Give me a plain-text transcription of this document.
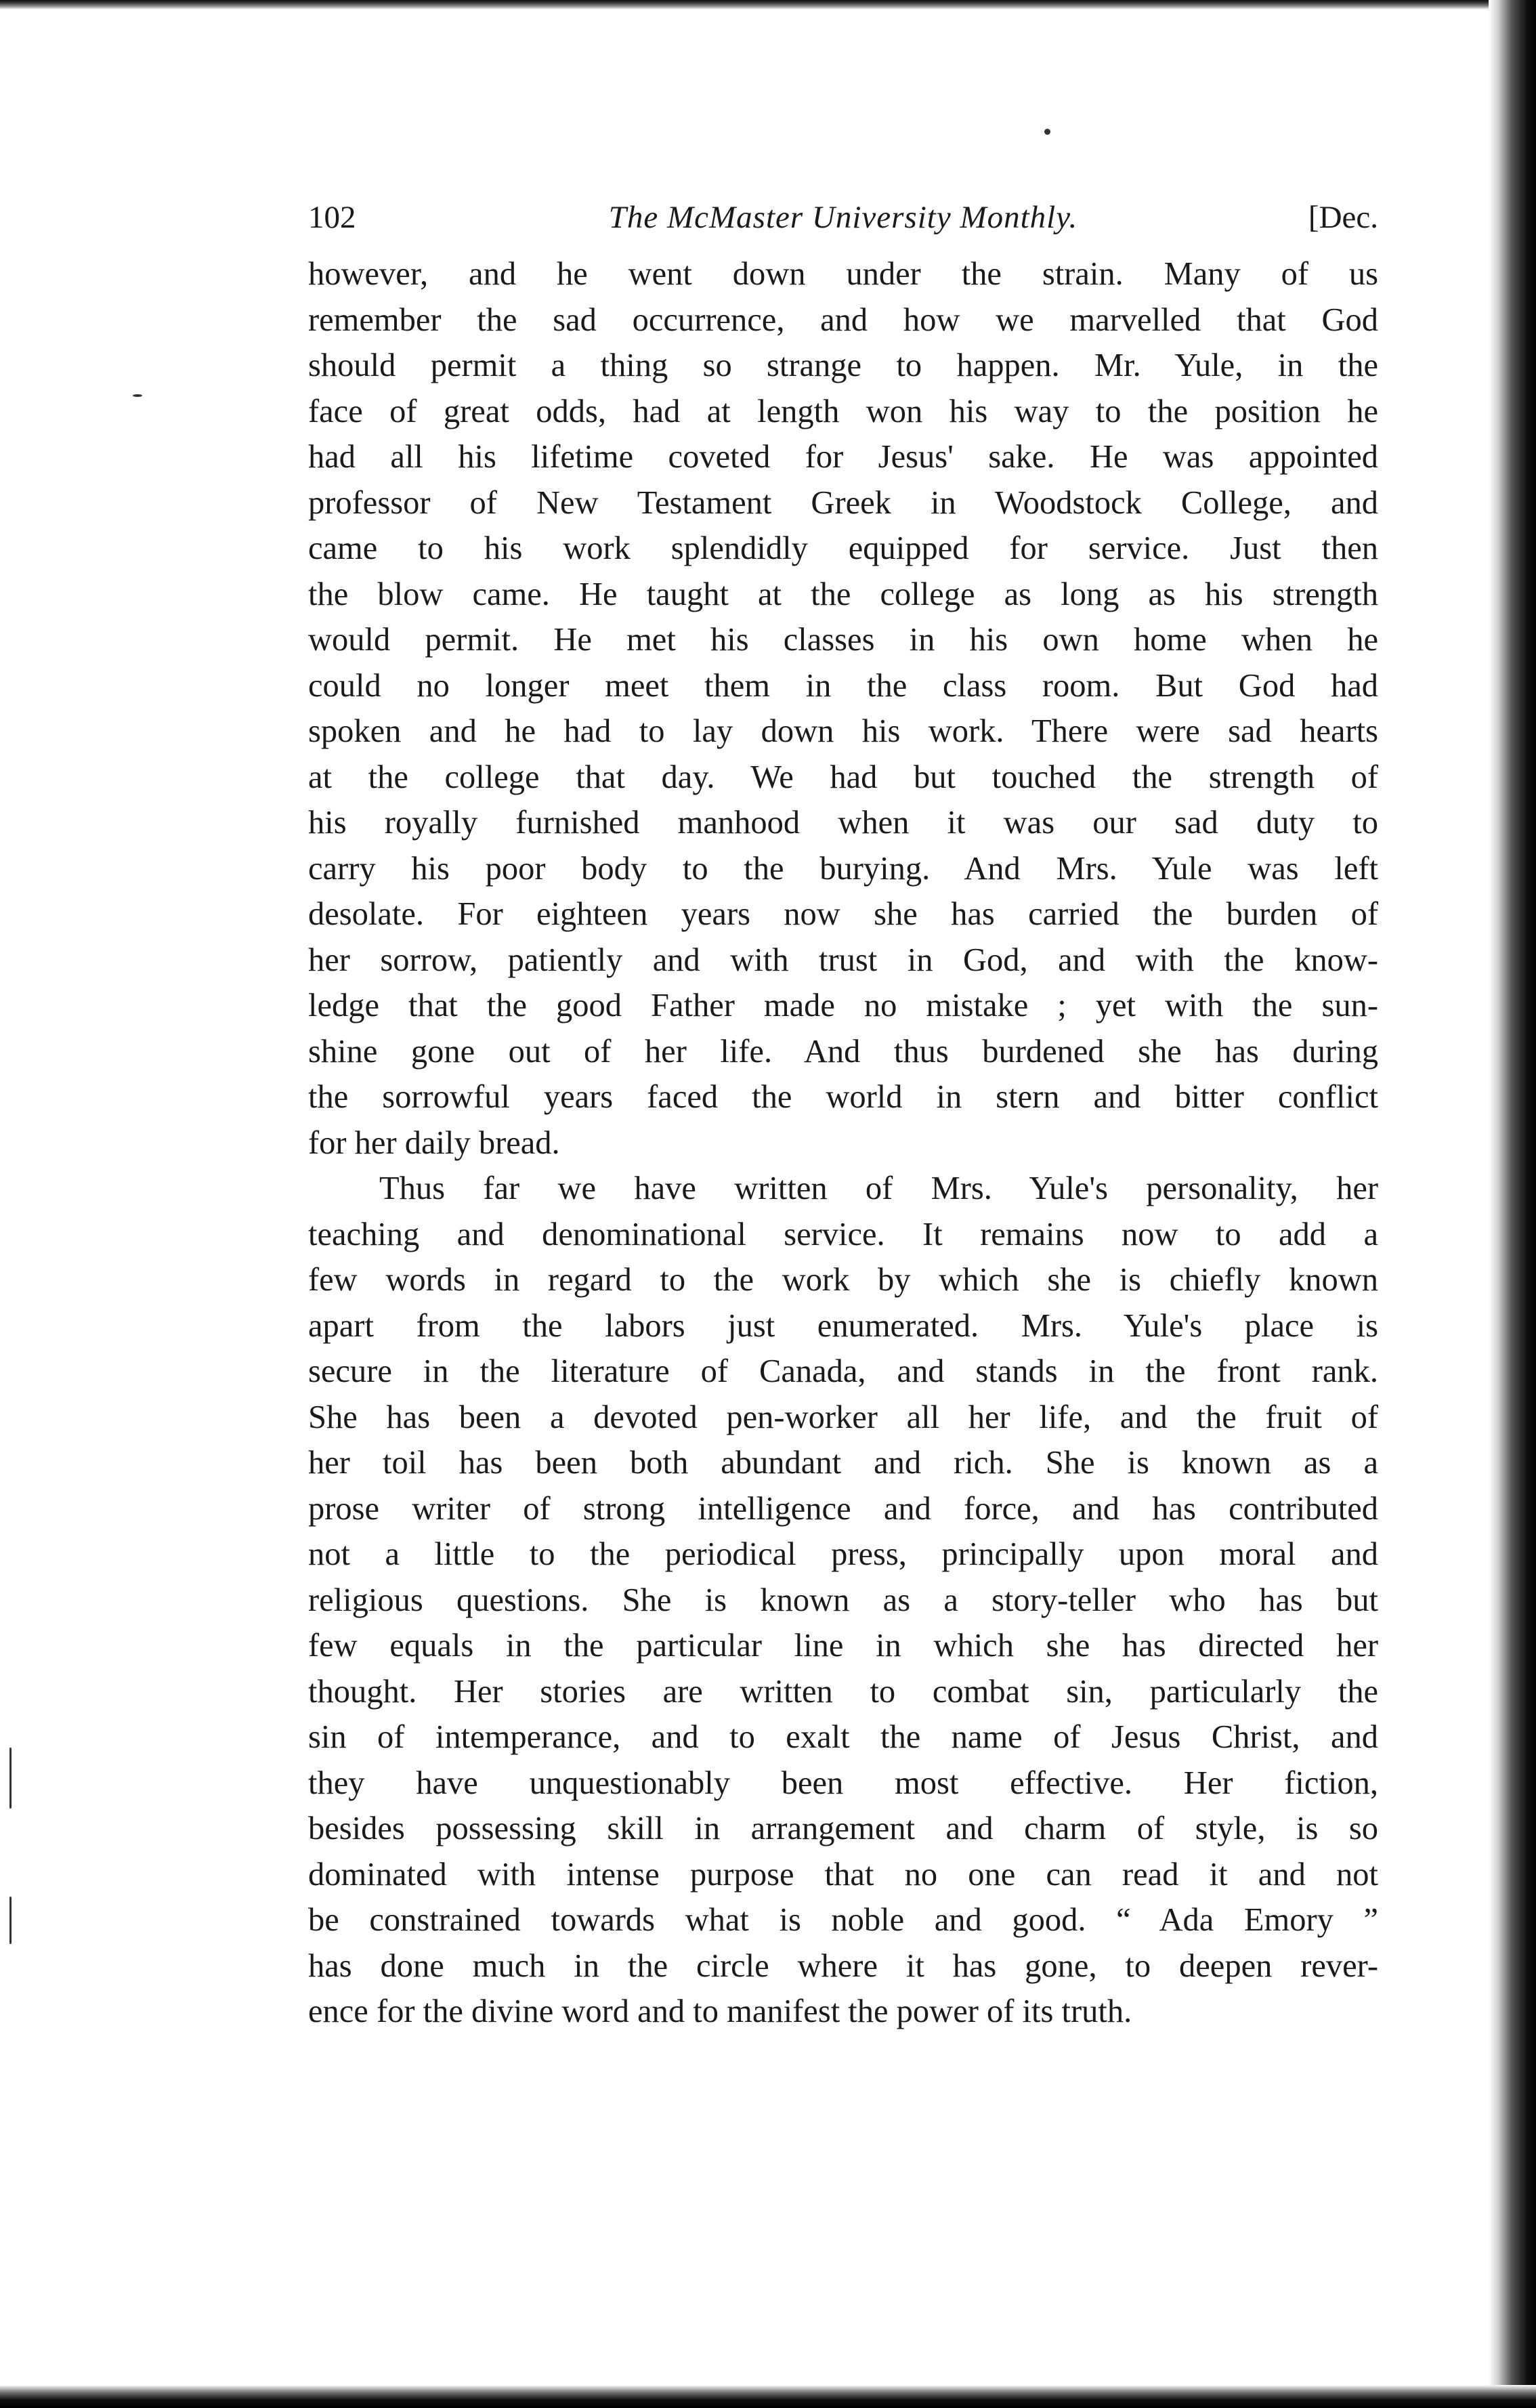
102	The McMaster University Monthly.	[Dec.
however, and he went down under the strain. Many of us
remember the sad occurrence, and how we marvelled that God
should permit a thing so strange to happen. Mr. Yule, in the
face of great odds, had at length won his way to the position he
had all his lifetime coveted for Jesus' sake. He was appointed
professor of New Testament Greek in Woodstock College, and
came to his work splendidly equipped for service. Just then
the blow came. He taught at the college as long as his strength
would permit. He met his classes in his own home when he
could no longer meet them in the class room. But God had
spoken and he had to lay down his work. There were sad hearts
at the college that day. We had but touched the strength of
his royally furnished manhood when it was our sad duty to
carry his poor body to the burying. And Mrs. Yule was left
desolate. For eighteen years now she has carried the burden of
her sorrow, patiently and with trust in God, and with the know-
ledge that the good Father made no mistake ; yet with the sun-
shine gone out of her life. And thus burdened she has during
the sorrowful years faced the world in stern and bitter conflict
for her daily bread.
Thus far we have written of Mrs. Yule's personality, her
teaching and denominational service. It remains now to add a
few words in regard to the work by which she is chiefly known
apart from the labors just enumerated. Mrs. Yule's place is
secure in the literature of Canada, and stands in the front rank.
She has been a devoted pen-worker all her life, and the fruit of
her toil has been both abundant and rich. She is known as a
prose writer of strong intelligence and force, and has contributed
not a little to the periodical press, principally upon moral and
religious questions. She is known as a story-teller who has but
few equals in the particular line in which she has directed her
thought. Her stories are written to combat sin, particularly the
sin of intemperance, and to exalt the name of Jesus Christ, and
they have unquestionably been most effective. Her fiction,
besides possessing skill in arrangement and charm of style, is so
dominated with intense purpose that no one can read it and not
be constrained towards what is noble and good. “ Ada Emory ”
has done much in the circle where it has gone, to deepen rever-
ence for the divine word and to manifest the power of its truth.
